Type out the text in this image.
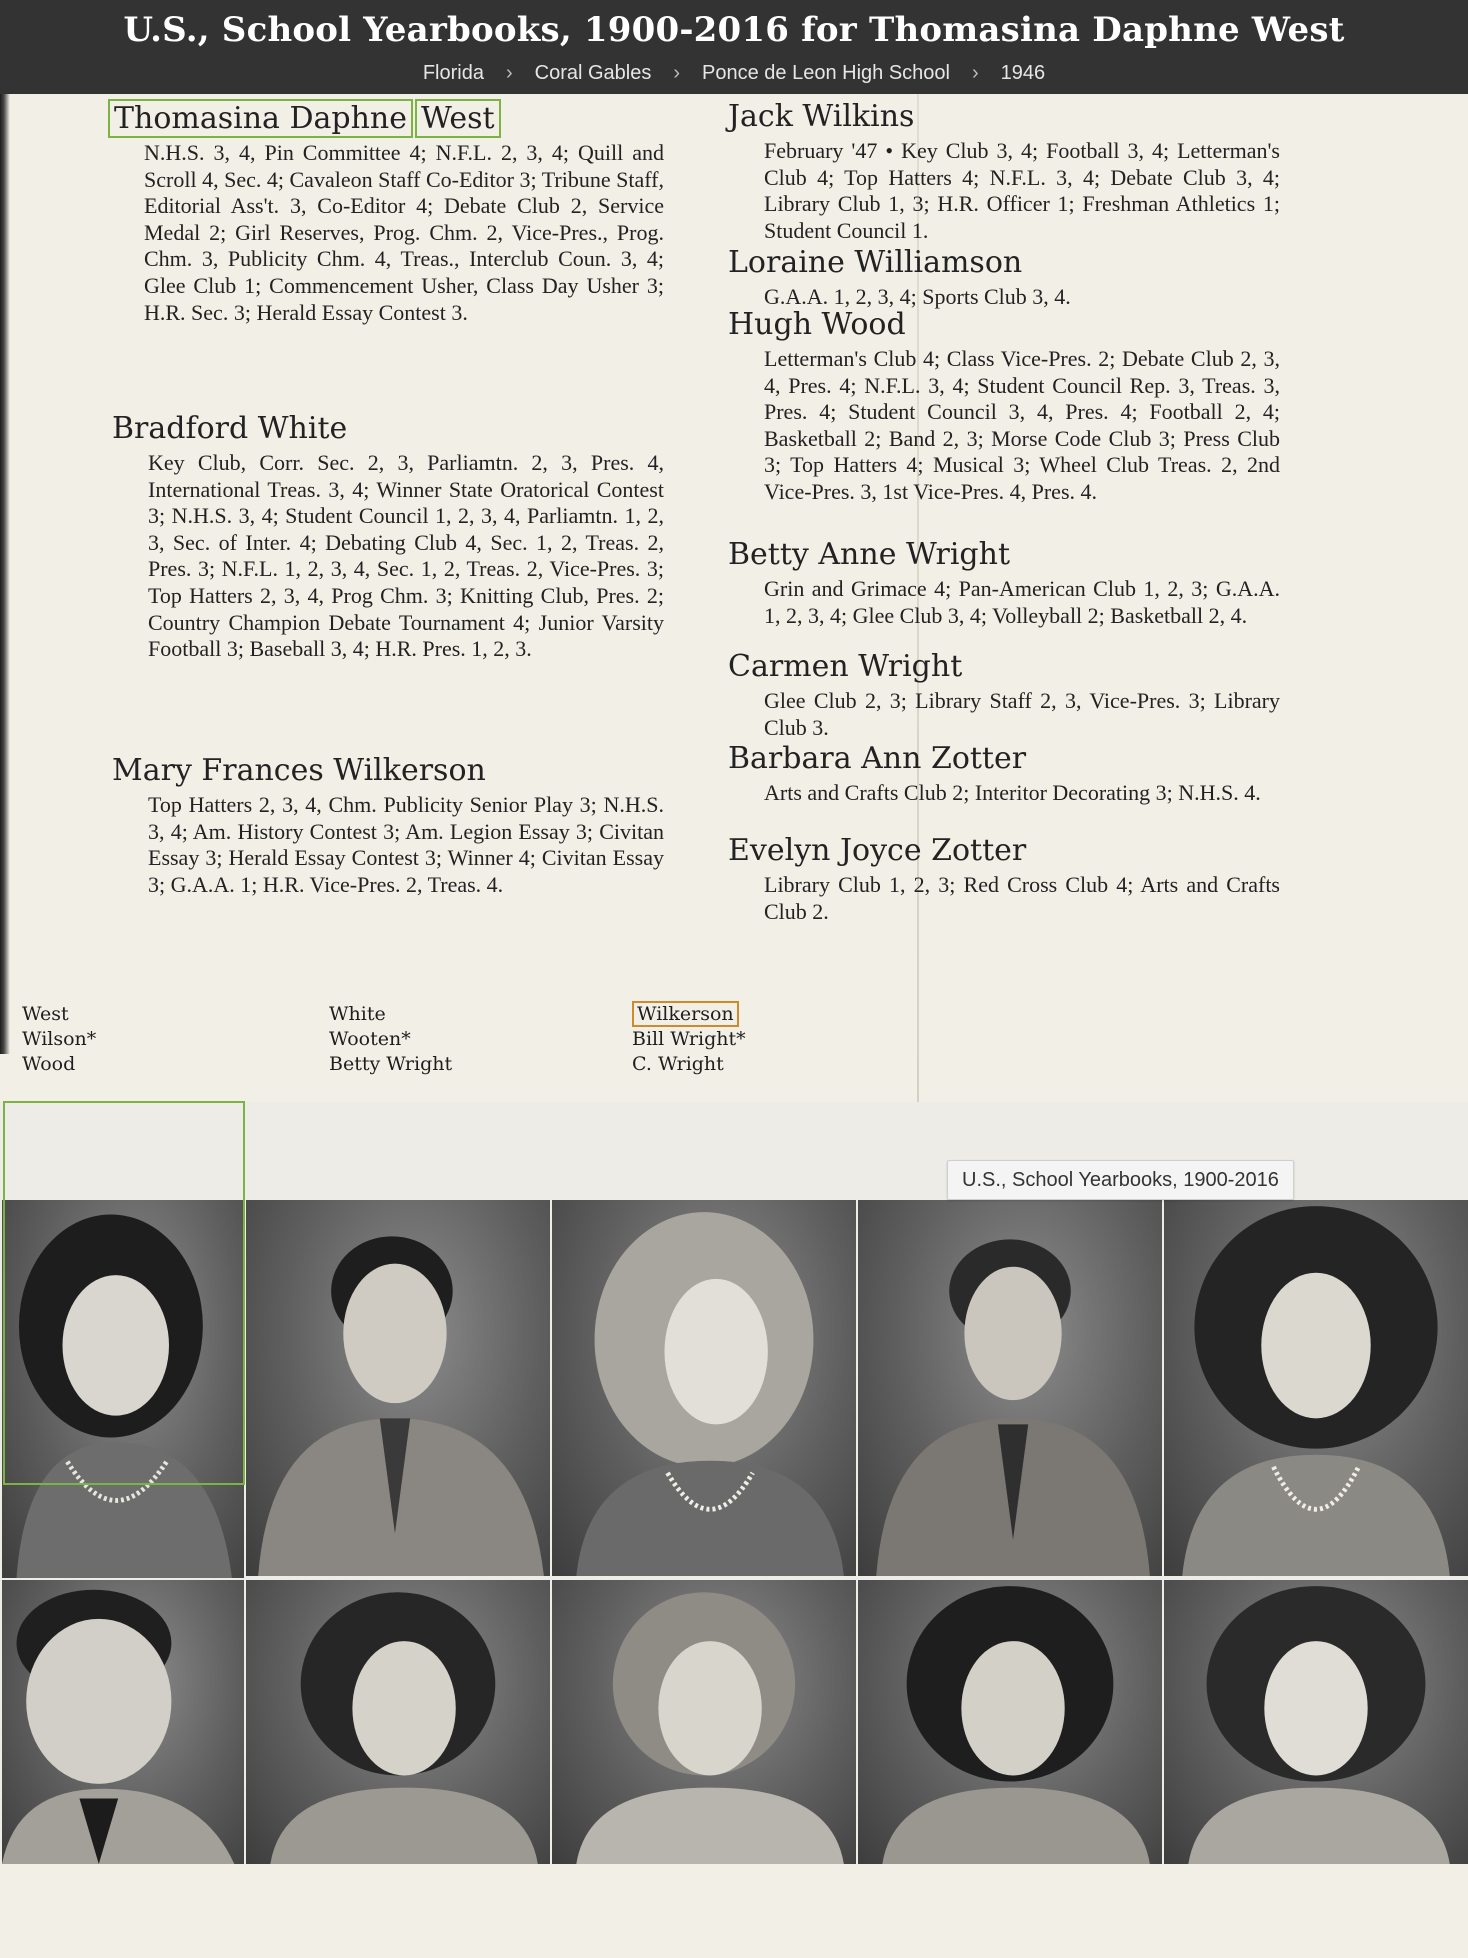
U.S., School Yearbooks, 1900-2016 for Thomasina Daphne West
Florida › Coral Gables › Ponce de Leon High School › 1946
Thomasina Daphne West
N.H.S. 3, 4, Pin Committee 4; N.F.L. 2, 3, 4; Quill and Scroll 4, Sec. 4; Cavaleon Staff Co-Editor 3; Tribune Staff, Editorial Ass't. 3, Co-Editor 4; Debate Club 2, Service Medal 2; Girl Reserves, Prog. Chm. 2, Vice-Pres., Prog. Chm. 3, Publicity Chm. 4, Treas., Interclub Coun. 3, 4; Glee Club 1; Commencement Usher, Class Day Usher 3; H.R. Sec. 3; Herald Essay Contest 3.
Bradford White
Key Club, Corr. Sec. 2, 3, Parliamtn. 2, 3, Pres. 4, International Treas. 3, 4; Winner State Oratorical Contest 3; N.H.S. 3, 4; Student Council 1, 2, 3, 4, Parliamtn. 1, 2, 3, Sec. of Inter. 4; Debating Club 4, Sec. 1, 2, Treas. 2, Pres. 3; N.F.L. 1, 2, 3, 4, Sec. 1, 2, Treas. 2, Vice-Pres. 3; Top Hatters 2, 3, 4, Prog Chm. 3; Knitting Club, Pres. 2; Country Champion Debate Tournament 4; Junior Varsity Football 3; Baseball 3, 4; H.R. Pres. 1, 2, 3.
Mary Frances Wilkerson
Top Hatters 2, 3, 4, Chm. Publicity Senior Play 3; N.H.S. 3, 4; Am. History Contest 3; Am. Legion Essay 3; Civitan Essay 3; Herald Essay Contest 3; Winner 4; Civitan Essay 3; G.A.A. 1; H.R. Vice-Pres. 2, Treas. 4.
Jack Wilkins
February '47 • Key Club 3, 4; Football 3, 4; Letterman's Club 4; Top Hatters 4; N.F.L. 3, 4; Debate Club 3, 4; Library Club 1, 3; H.R. Officer 1; Freshman Athletics 1; Student Council 1.
Loraine Williamson
G.A.A. 1, 2, 3, 4; Sports Club 3, 4.
Hugh Wood
Letterman's Club 4; Class Vice-Pres. 2; Debate Club 2, 3, 4, Pres. 4; N.F.L. 3, 4; Student Council Rep. 3, Treas. 3, Pres. 4; Student Council 3, 4, Pres. 4; Football 2, 4; Basketball 2; Band 2, 3; Morse Code Club 3; Press Club 3; Top Hatters 4; Musical 3; Wheel Club Treas. 2, 2nd Vice-Pres. 3, 1st Vice-Pres. 4, Pres. 4.
Betty Anne Wright
Grin and Grimace 4; Pan-American Club 1, 2, 3; G.A.A. 1, 2, 3, 4; Glee Club 3, 4; Volleyball 2; Basketball 2, 4.
Carmen Wright
Glee Club 2, 3; Library Staff 2, 3, Vice-Pres. 3; Library Club 3.
Barbara Ann Zotter
Arts and Crafts Club 2; Interitor Decorating 3; N.H.S. 4.
Evelyn Joyce Zotter
Library Club 1, 2, 3; Red Cross Club 4; Arts and Crafts Club 2.
West
Wilson*
Wood
White
Wooten*
Betty Wright
Wilkerson
Bill Wright*
C. Wright
U.S., School Yearbooks, 1900-2016
